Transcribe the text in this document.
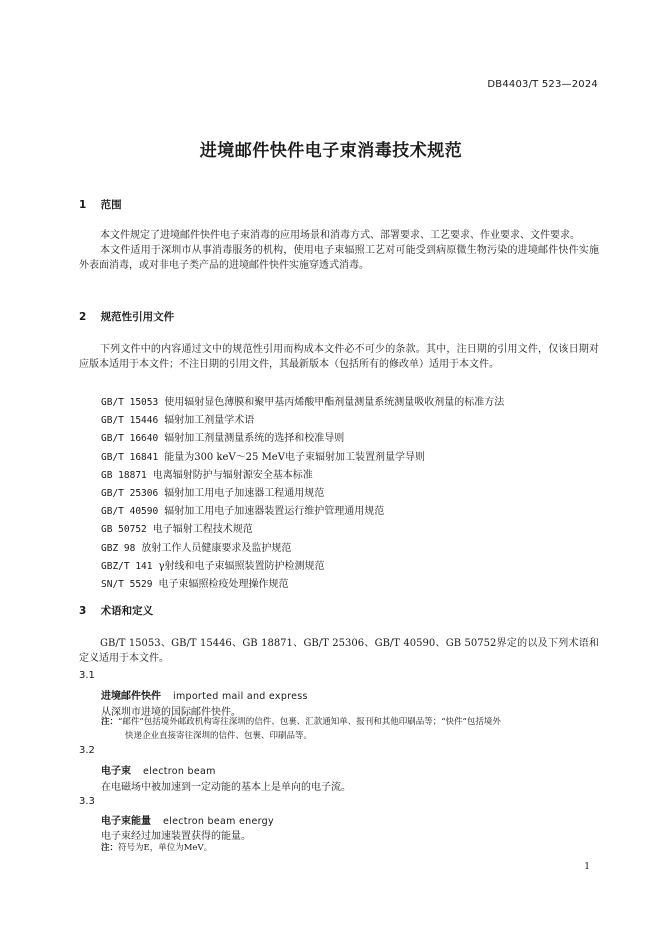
DB4403/T 523—2024
进境邮件快件电子束消毒技术规范
1 范围

本文件规定了进境邮件快件电子束消毒的应用场景和消毒方式、部署要求、工艺要求、作业要求、文件要求。

本文件适用于深圳市从事消毒服务的机构，使用电子束辐照工艺对可能受到病原微生物污染的进境邮件快件实施外表面消毒，或对非电子类产品的进境邮件快件实施穿透式消毒。

2 规范性引用文件

下列文件中的内容通过文中的规范性引用而构成本文件必不可少的条款。其中，注日期的引用文件，仅该日期对应版本适用于本文件；不注日期的引用文件，其最新版本（包括所有的修改单）适用于本文件。

GB/T 15053 使用辐射显色薄膜和聚甲基丙烯酸甲酯剂量测量系统测量吸收剂量的标准方法
GB/T 15446 辐射加工剂量学术语
GB/T 16640 辐射加工剂量测量系统的选择和校准导则
GB/T 16841 能量为300 keV～25 MeV电子束辐射加工装置剂量学导则
GB 18871 电离辐射防护与辐射源安全基本标准
GB/T 25306 辐射加工用电子加速器工程通用规范
GB/T 40590 辐射加工用电子加速器装置运行维护管理通用规范
GB 50752 电子辐射工程技术规范
GBZ 98 放射工作人员健康要求及监护规范
GBZ/T 141 γ射线和电子束辐照装置防护检测规范
SN/T 5529 电子束辐照检疫处理操作规范
3 术语和定义

GB/T 15053、GB/T 15446、GB 18871、GB/T 25306、GB/T 40590、GB 50752界定的以及下列术语和定义适用于本文件。

3.1
进境邮件快件 imported mail and express
从深圳市进境的国际邮件快件。
注：“邮件”包括境外邮政机构寄往深圳的信件、包裹、汇款通知单、报刊和其他印刷品等；“快件”包括境外
快递企业直接寄往深圳的信件、包裹、印刷品等。
3.2
电子束 electron beam
在电磁场中被加速到一定动能的基本上是单向的电子流。
3.3
电子束能量 electron beam energy
电子束经过加速装置获得的能量。
注：符号为E，单位为MeV。
1
